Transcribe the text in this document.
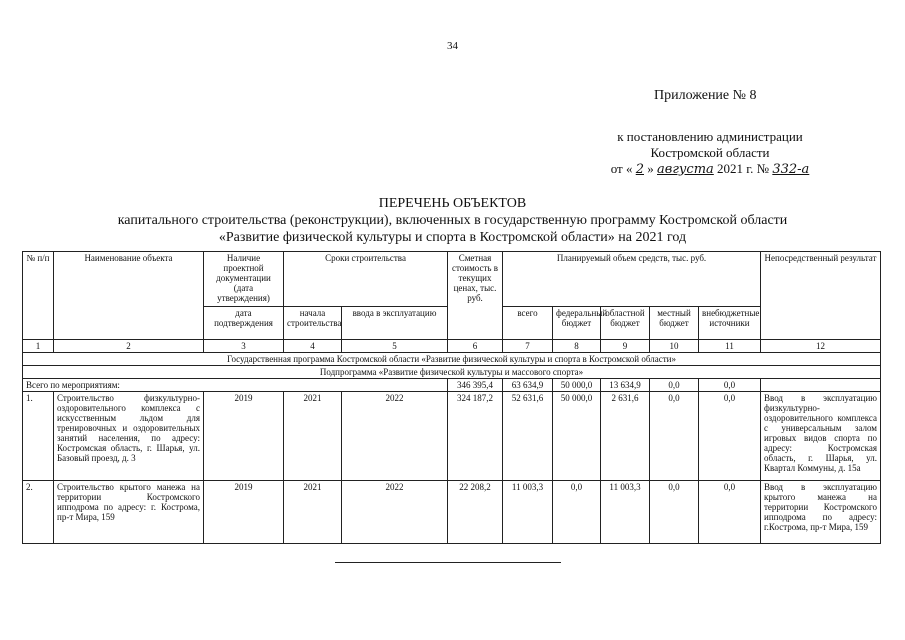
34
Приложение № 8
к постановлению администрации
Костромской области
от « 2 » августа 2021 г. № 332-а
ПЕРЕЧЕНЬ ОБЪЕКТОВ
капитального строительства (реконструкции), включенных в государственную программу Костромской области
«Развитие физической культуры и спорта в Костромской области» на 2021 год
№ п/п	Наименование объекта	Наличие проектной документации (дата утверждения)	Сроки строительства		Сметная стоимость в текущих ценах, тыс. руб.	Планируемый объем средств, тыс. руб.					Непосредственный результат
		дата подтверждения	начала строительства	ввода в эксплуатацию		всего	федеральный бюджет	областной бюджет	местный бюджет	внебюджетные источники	
1	2	3	4	5	6	7	8	9	10	11	12
Государственная программа Костромской области «Развитие физической культуры и спорта в Костромской области»											
Подпрограмма «Развитие физической культуры и массового спорта»											
Всего по мероприятиям:					346 395,4	63 634,9	50 000,0	13 634,9	0,0	0,0	
1.	Строительство физкультурно-оздоровительного комплекса с искусственным льдом для тренировочных и оздоровительных занятий населения, по адресу: Костромская область, г. Шарья, ул. Базовый проезд, д. 3	2019	2021	2022	324 187,2	52 631,6	50 000,0	2 631,6	0,0	0,0	Ввод в эксплуатацию физкультурно-оздоровительного комплекса с универсальным залом игровых видов спорта по адресу: Костромская область, г. Шарья, ул. Квартал Коммуны, д. 15а
2.	Строительство крытого манежа на территории Костромского ипподрома по адресу: г. Кострома, пр-т Мира, 159	2019	2021	2022	22 208,2	11 003,3	0,0	11 003,3	0,0	0,0	Ввод в эксплуатацию крытого манежа на территории Костромского ипподрома по адресу: г.Кострома, пр-т Мира, 159
